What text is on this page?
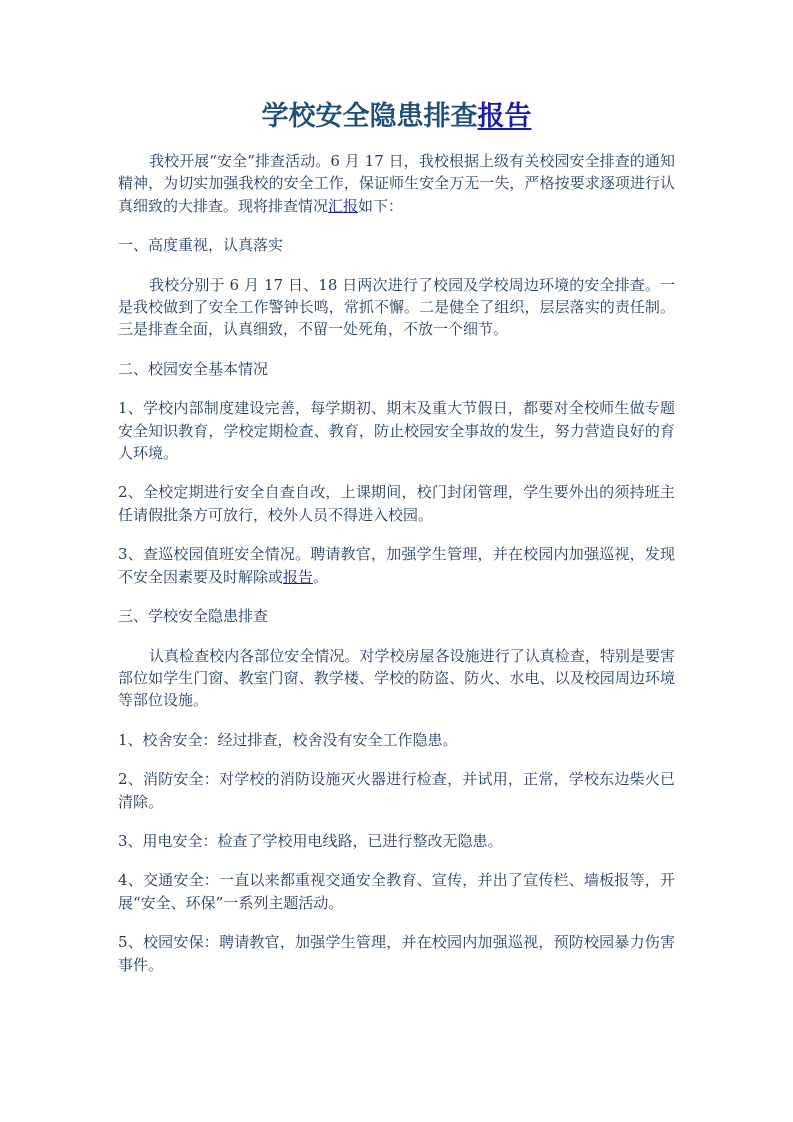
学校安全隐患排查报告

我校开展“安全”排查活动。6 月 17 日，我校根据上级有关校园安全排查的通知精神，为切实加强我校的安全工作，保证师生安全万无一失，严格按要求逐项进行认真细致的大排查。现将排查情况汇报如下：

一、高度重视，认真落实

我校分别于 6 月 17 日、18 日两次进行了校园及学校周边环境的安全排查。一是我校做到了安全工作警钟长鸣，常抓不懈。二是健全了组织，层层落实的责任制。三是排查全面，认真细致，不留一处死角，不放一个细节。

二、校园安全基本情况

1、学校内部制度建设完善，每学期初、期末及重大节假日，都要对全校师生做专题安全知识教育，学校定期检查、教育，防止校园安全事故的发生，努力营造良好的育人环境。

2、全校定期进行安全自查自改，上课期间，校门封闭管理，学生要外出的须持班主任请假批条方可放行，校外人员不得进入校园。

3、查巡校园值班安全情况。聘请教官，加强学生管理，并在校园内加强巡视，发现不安全因素要及时解除或报告。

三、学校安全隐患排查

认真检查校内各部位安全情况。对学校房屋各设施进行了认真检查，特别是要害部位如学生门窗、教室门窗、教学楼、学校的防盗、防火、水电、以及校园周边环境等部位设施。

1、校舍安全：经过排查，校舍没有安全工作隐患。

2、消防安全：对学校的消防设施灭火器进行检查，并试用，正常，学校东边柴火已清除。

3、用电安全：检查了学校用电线路，已进行整改无隐患。

4、交通安全：一直以来都重视交通安全教育、宣传，并出了宣传栏、墙板报等，开展“安全、环保”一系列主题活动。

5、校园安保：聘请教官，加强学生管理，并在校园内加强巡视，预防校园暴力伤害事件。
